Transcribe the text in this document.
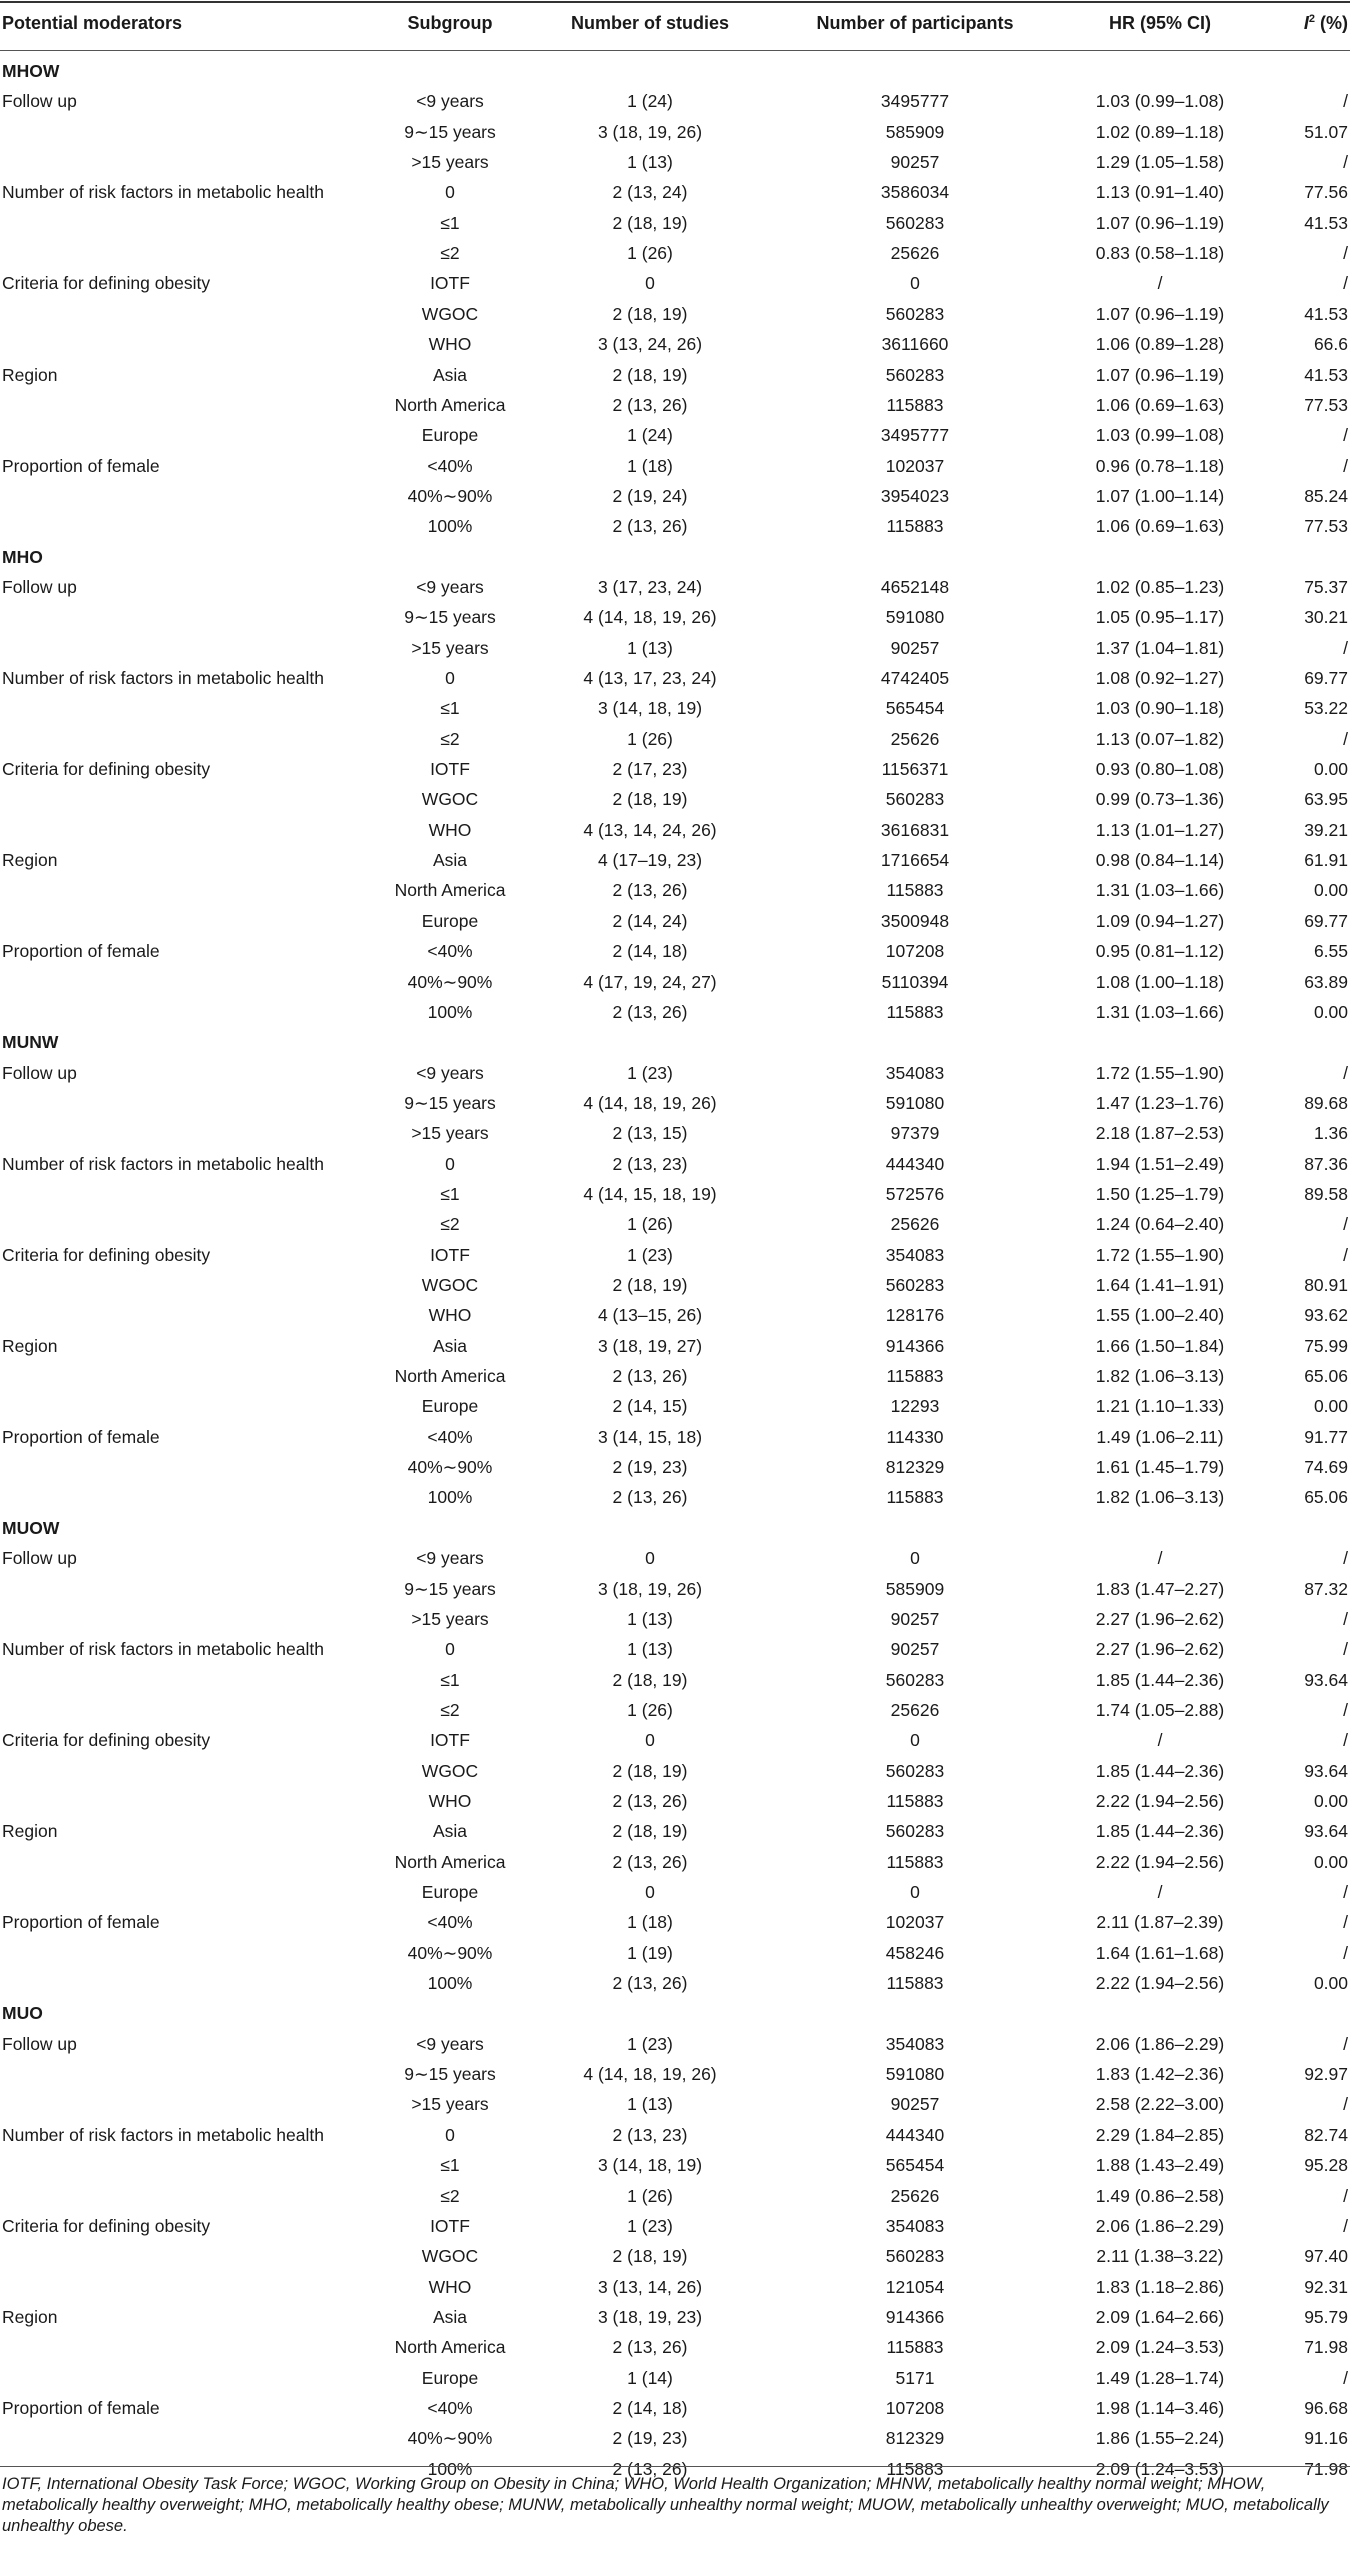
Potential moderators	Subgroup	Number of studies	Number of participants	HR (95% CI)	$I^2$ (%)
MHOW
Follow up	<9 years	1 (24)	3495777	1.03 (0.99–1.08)	/
9∼15 years	3 (18, 19, 26)	585909	1.02 (0.89–1.18)	51.07
>15 years	1 (13)	90257	1.29 (1.05–1.58)	/
Number of risk factors in metabolic health	0	2 (13, 24)	3586034	1.13 (0.91–1.40)	77.56
≤1	2 (18, 19)	560283	1.07 (0.96–1.19)	41.53
≤2	1 (26)	25626	0.83 (0.58–1.18)	/
Criteria for defining obesity	IOTF	0	0	/	/
WGOC	2 (18, 19)	560283	1.07 (0.96–1.19)	41.53
WHO	3 (13, 24, 26)	3611660	1.06 (0.89–1.28)	66.6
Region	Asia	2 (18, 19)	560283	1.07 (0.96–1.19)	41.53
North America	2 (13, 26)	115883	1.06 (0.69–1.63)	77.53
Europe	1 (24)	3495777	1.03 (0.99–1.08)	/
Proportion of female	<40%	1 (18)	102037	0.96 (0.78–1.18)	/
40%∼90%	2 (19, 24)	3954023	1.07 (1.00–1.14)	85.24
100%	2 (13, 26)	115883	1.06 (0.69–1.63)	77.53
MHO
Follow up	<9 years	3 (17, 23, 24)	4652148	1.02 (0.85–1.23)	75.37
9∼15 years	4 (14, 18, 19, 26)	591080	1.05 (0.95–1.17)	30.21
>15 years	1 (13)	90257	1.37 (1.04–1.81)	/
Number of risk factors in metabolic health	0	4 (13, 17, 23, 24)	4742405	1.08 (0.92–1.27)	69.77
≤1	3 (14, 18, 19)	565454	1.03 (0.90–1.18)	53.22
≤2	1 (26)	25626	1.13 (0.07–1.82)	/
Criteria for defining obesity	IOTF	2 (17, 23)	1156371	0.93 (0.80–1.08)	0.00
WGOC	2 (18, 19)	560283	0.99 (0.73–1.36)	63.95
WHO	4 (13, 14, 24, 26)	3616831	1.13 (1.01–1.27)	39.21
Region	Asia	4 (17–19, 23)	1716654	0.98 (0.84–1.14)	61.91
North America	2 (13, 26)	115883	1.31 (1.03–1.66)	0.00
Europe	2 (14, 24)	3500948	1.09 (0.94–1.27)	69.77
Proportion of female	<40%	2 (14, 18)	107208	0.95 (0.81–1.12)	6.55
40%∼90%	4 (17, 19, 24, 27)	5110394	1.08 (1.00–1.18)	63.89
100%	2 (13, 26)	115883	1.31 (1.03–1.66)	0.00
MUNW
Follow up	<9 years	1 (23)	354083	1.72 (1.55–1.90)	/
9∼15 years	4 (14, 18, 19, 26)	591080	1.47 (1.23–1.76)	89.68
>15 years	2 (13, 15)	97379	2.18 (1.87–2.53)	1.36
Number of risk factors in metabolic health	0	2 (13, 23)	444340	1.94 (1.51–2.49)	87.36
≤1	4 (14, 15, 18, 19)	572576	1.50 (1.25–1.79)	89.58
≤2	1 (26)	25626	1.24 (0.64–2.40)	/
Criteria for defining obesity	IOTF	1 (23)	354083	1.72 (1.55–1.90)	/
WGOC	2 (18, 19)	560283	1.64 (1.41–1.91)	80.91
WHO	4 (13–15, 26)	128176	1.55 (1.00–2.40)	93.62
Region	Asia	3 (18, 19, 27)	914366	1.66 (1.50–1.84)	75.99
North America	2 (13, 26)	115883	1.82 (1.06–3.13)	65.06
Europe	2 (14, 15)	12293	1.21 (1.10–1.33)	0.00
Proportion of female	<40%	3 (14, 15, 18)	114330	1.49 (1.06–2.11)	91.77
40%∼90%	2 (19, 23)	812329	1.61 (1.45–1.79)	74.69
100%	2 (13, 26)	115883	1.82 (1.06–3.13)	65.06
MUOW
Follow up	<9 years	0	0	/	/
9∼15 years	3 (18, 19, 26)	585909	1.83 (1.47–2.27)	87.32
>15 years	1 (13)	90257	2.27 (1.96–2.62)	/
Number of risk factors in metabolic health	0	1 (13)	90257	2.27 (1.96–2.62)	/
≤1	2 (18, 19)	560283	1.85 (1.44–2.36)	93.64
≤2	1 (26)	25626	1.74 (1.05–2.88)	/
Criteria for defining obesity	IOTF	0	0	/	/
WGOC	2 (18, 19)	560283	1.85 (1.44–2.36)	93.64
WHO	2 (13, 26)	115883	2.22 (1.94–2.56)	0.00
Region	Asia	2 (18, 19)	560283	1.85 (1.44–2.36)	93.64
North America	2 (13, 26)	115883	2.22 (1.94–2.56)	0.00
Europe	0	0	/	/
Proportion of female	<40%	1 (18)	102037	2.11 (1.87–2.39)	/
40%∼90%	1 (19)	458246	1.64 (1.61–1.68)	/
100%	2 (13, 26)	115883	2.22 (1.94–2.56)	0.00
MUO
Follow up	<9 years	1 (23)	354083	2.06 (1.86–2.29)	/
9∼15 years	4 (14, 18, 19, 26)	591080	1.83 (1.42–2.36)	92.97
>15 years	1 (13)	90257	2.58 (2.22–3.00)	/
Number of risk factors in metabolic health	0	2 (13, 23)	444340	2.29 (1.84–2.85)	82.74
≤1	3 (14, 18, 19)	565454	1.88 (1.43–2.49)	95.28
≤2	1 (26)	25626	1.49 (0.86–2.58)	/
Criteria for defining obesity	IOTF	1 (23)	354083	2.06 (1.86–2.29)	/
WGOC	2 (18, 19)	560283	2.11 (1.38–3.22)	97.40
WHO	3 (13, 14, 26)	121054	1.83 (1.18–2.86)	92.31
Region	Asia	3 (18, 19, 23)	914366	2.09 (1.64–2.66)	95.79
North America	2 (13, 26)	115883	2.09 (1.24–3.53)	71.98
Europe	1 (14)	5171	1.49 (1.28–1.74)	/
Proportion of female	<40%	2 (14, 18)	107208	1.98 (1.14–3.46)	96.68
40%∼90%	2 (19, 23)	812329	1.86 (1.55–2.24)	91.16
100%	2 (13, 26)	115883	2.09 (1.24–3.53)	71.98
IOTF, International Obesity Task Force; WGOC, Working Group on Obesity in China; WHO, World Health Organization; MHNW, metabolically healthy normal weight; MHOW, metabolically healthy overweight; MHO, metabolically healthy obese; MUNW, metabolically unhealthy normal weight; MUOW, metabolically unhealthy overweight; MUO, metabolically unhealthy obese.
